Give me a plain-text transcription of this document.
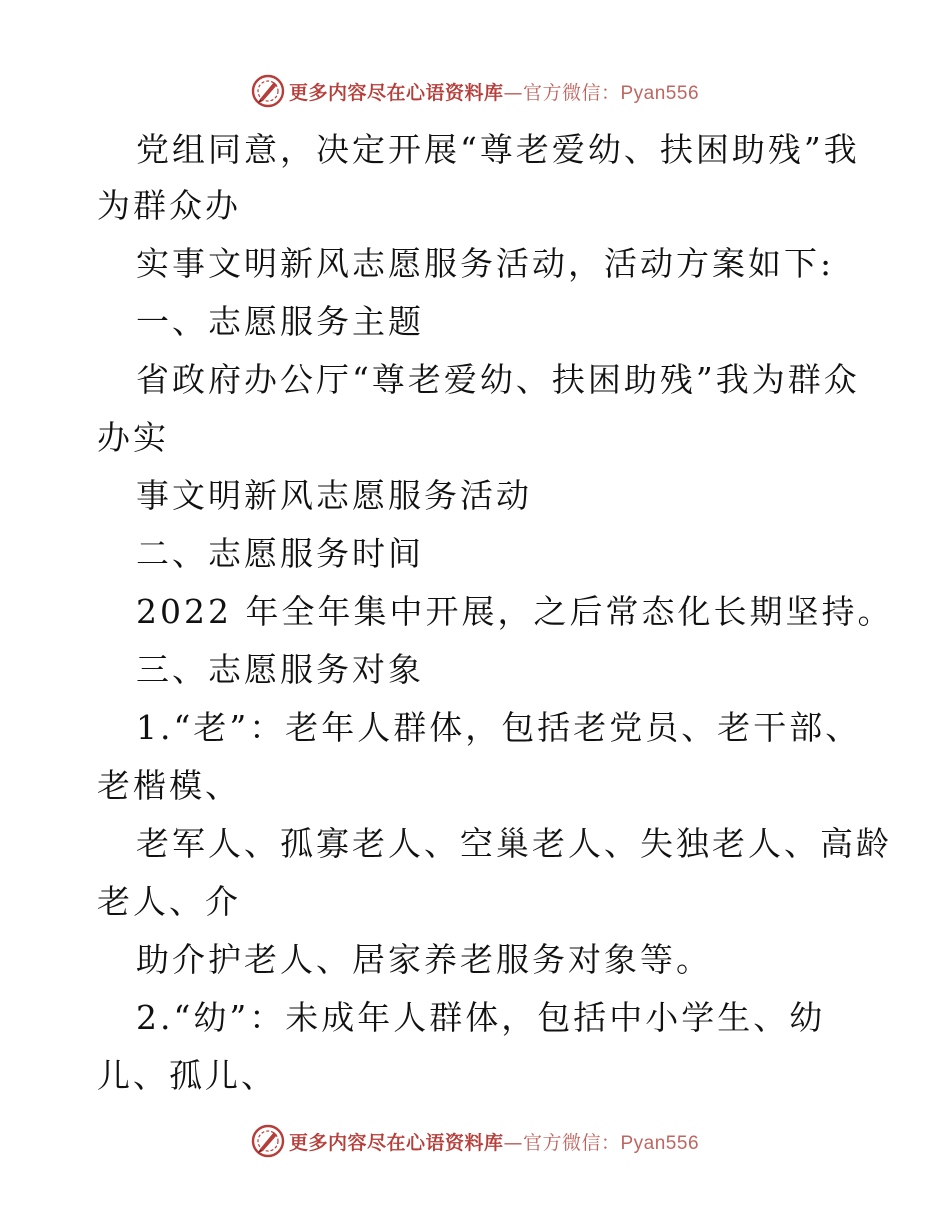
更多内容尽在心语资料库—官方微信：Pyan556
党组同意，决定开展“尊老爱幼、扶困助残”我
为群众办
实事文明新风志愿服务活动，活动方案如下:
一、志愿服务主题
省政府办公厅“尊老爱幼、扶困助残”我为群众
办实
事文明新风志愿服务活动
二、志愿服务时间
2022 年全年集中开展，之后常态化长期坚持。
三、志愿服务对象
1.“老”：老年人群体，包括老党员、老干部、
老楷模、
老军人、孤寡老人、空巢老人、失独老人、高龄
老人、介
助介护老人、居家养老服务对象等。
2.“幼”：未成年人群体，包括中小学生、幼
儿、孤儿、
更多内容尽在心语资料库—官方微信：Pyan556
